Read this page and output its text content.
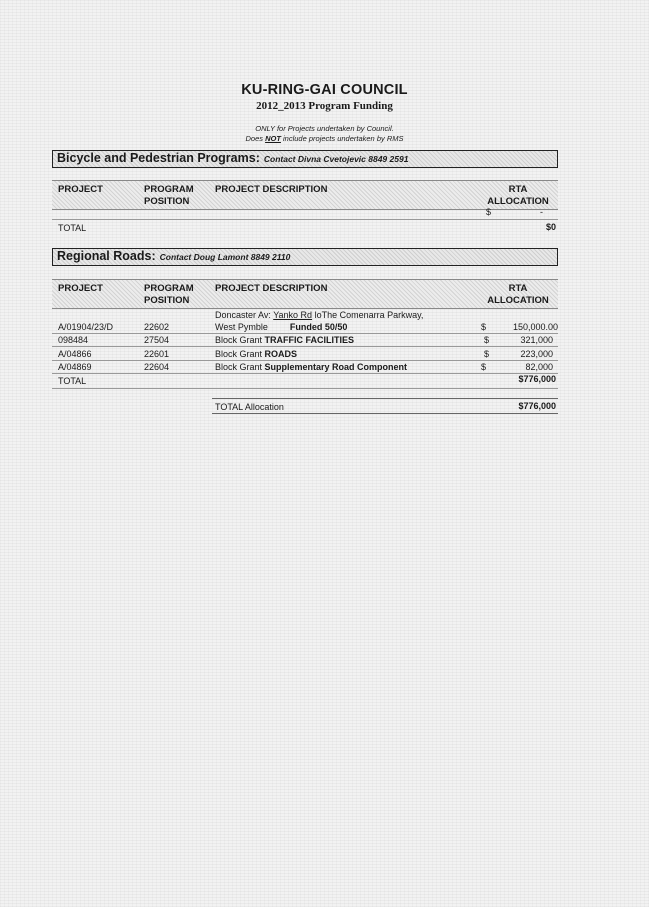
KU-RING-GAI COUNCIL
2012_2013 Program Funding
ONLY for Projects undertaken by Council.
Does NOT include projects undertaken by RMS
Bicycle and Pedestrian Programs: Contact Divna Cvetojevic 8849 2591
PROJECT	PROGRAM
POSITION
PROJECT DESCRIPTION	RTA
ALLOCATION
$	-
TOTAL	$0
Regional Roads: Contact Doug Lamont 8849 2110
PROJECT	PROGRAM
POSITION
PROJECT DESCRIPTION	RTA
ALLOCATION
Doncaster Av: Yanko Rd loThe Comenarra Parkway,
A/01904/23/D	22602	West Pymble Funded 50/50	$	150,000.00
098484	27504	Block Grant TRAFFIC FACILITIES	$	321,000
A/04866	22601	Block Grant ROADS	$	223,000
A/04869	22604	Block Grant Supplementary Road Component	$	82,000
TOTAL	$776,000
TOTAL Allocation	$776,000
